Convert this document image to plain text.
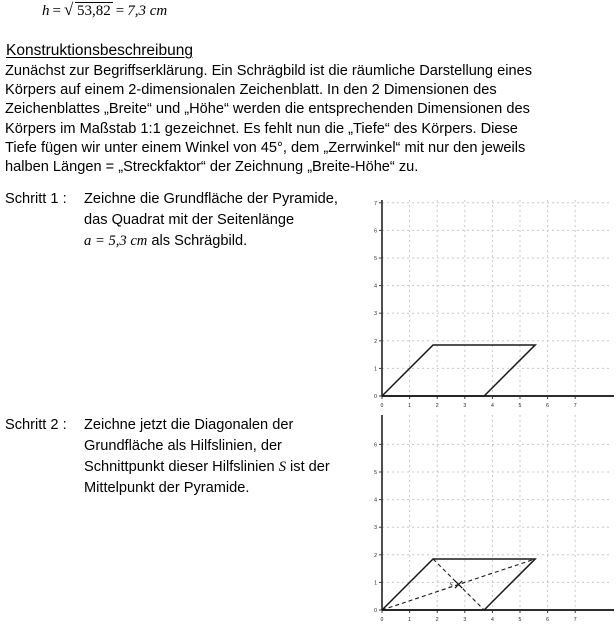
h = √ 53,82 = 7,3 cm
Konstruktionsbeschreibung
Zunächst zur Begriffserklärung. Ein Schrägbild ist die räumliche Darstellung eines
Körpers auf einem 2-dimensionalen Zeichenblatt. In den 2 Dimensionen des
Zeichenblattes „Breite“ und „Höhe“ werden die entsprechenden Dimensionen des
Körpers im Maßstab 1:1 gezeichnet. Es fehlt nun die „Tiefe“ des Körpers. Diese
Tiefe fügen wir unter einem Winkel von 45°, dem „Zerrwinkel“ mit nur den jeweils
halben Längen = „Streckfaktor“ der Zeichnung „Breite-Höhe“ zu.
Schritt 1 : Zeichne die Grundfläche der Pyramide,
das Quadrat mit der Seitenlänge
a = 5,3 cm als Schrägbild.
Schritt 2 : Zeichne jetzt die Diagonalen der
Grundfläche als Hilfslinien, der
Schnittpunkt dieser Hilfslinien S ist der
Mittelpunkt der Pyramide.
0	1	2	3	4	5	6	7
0
1
2
3
4
5
6
7
0	1	2	3	4	5	6	7
0
1
2
3
4
5
6
S
